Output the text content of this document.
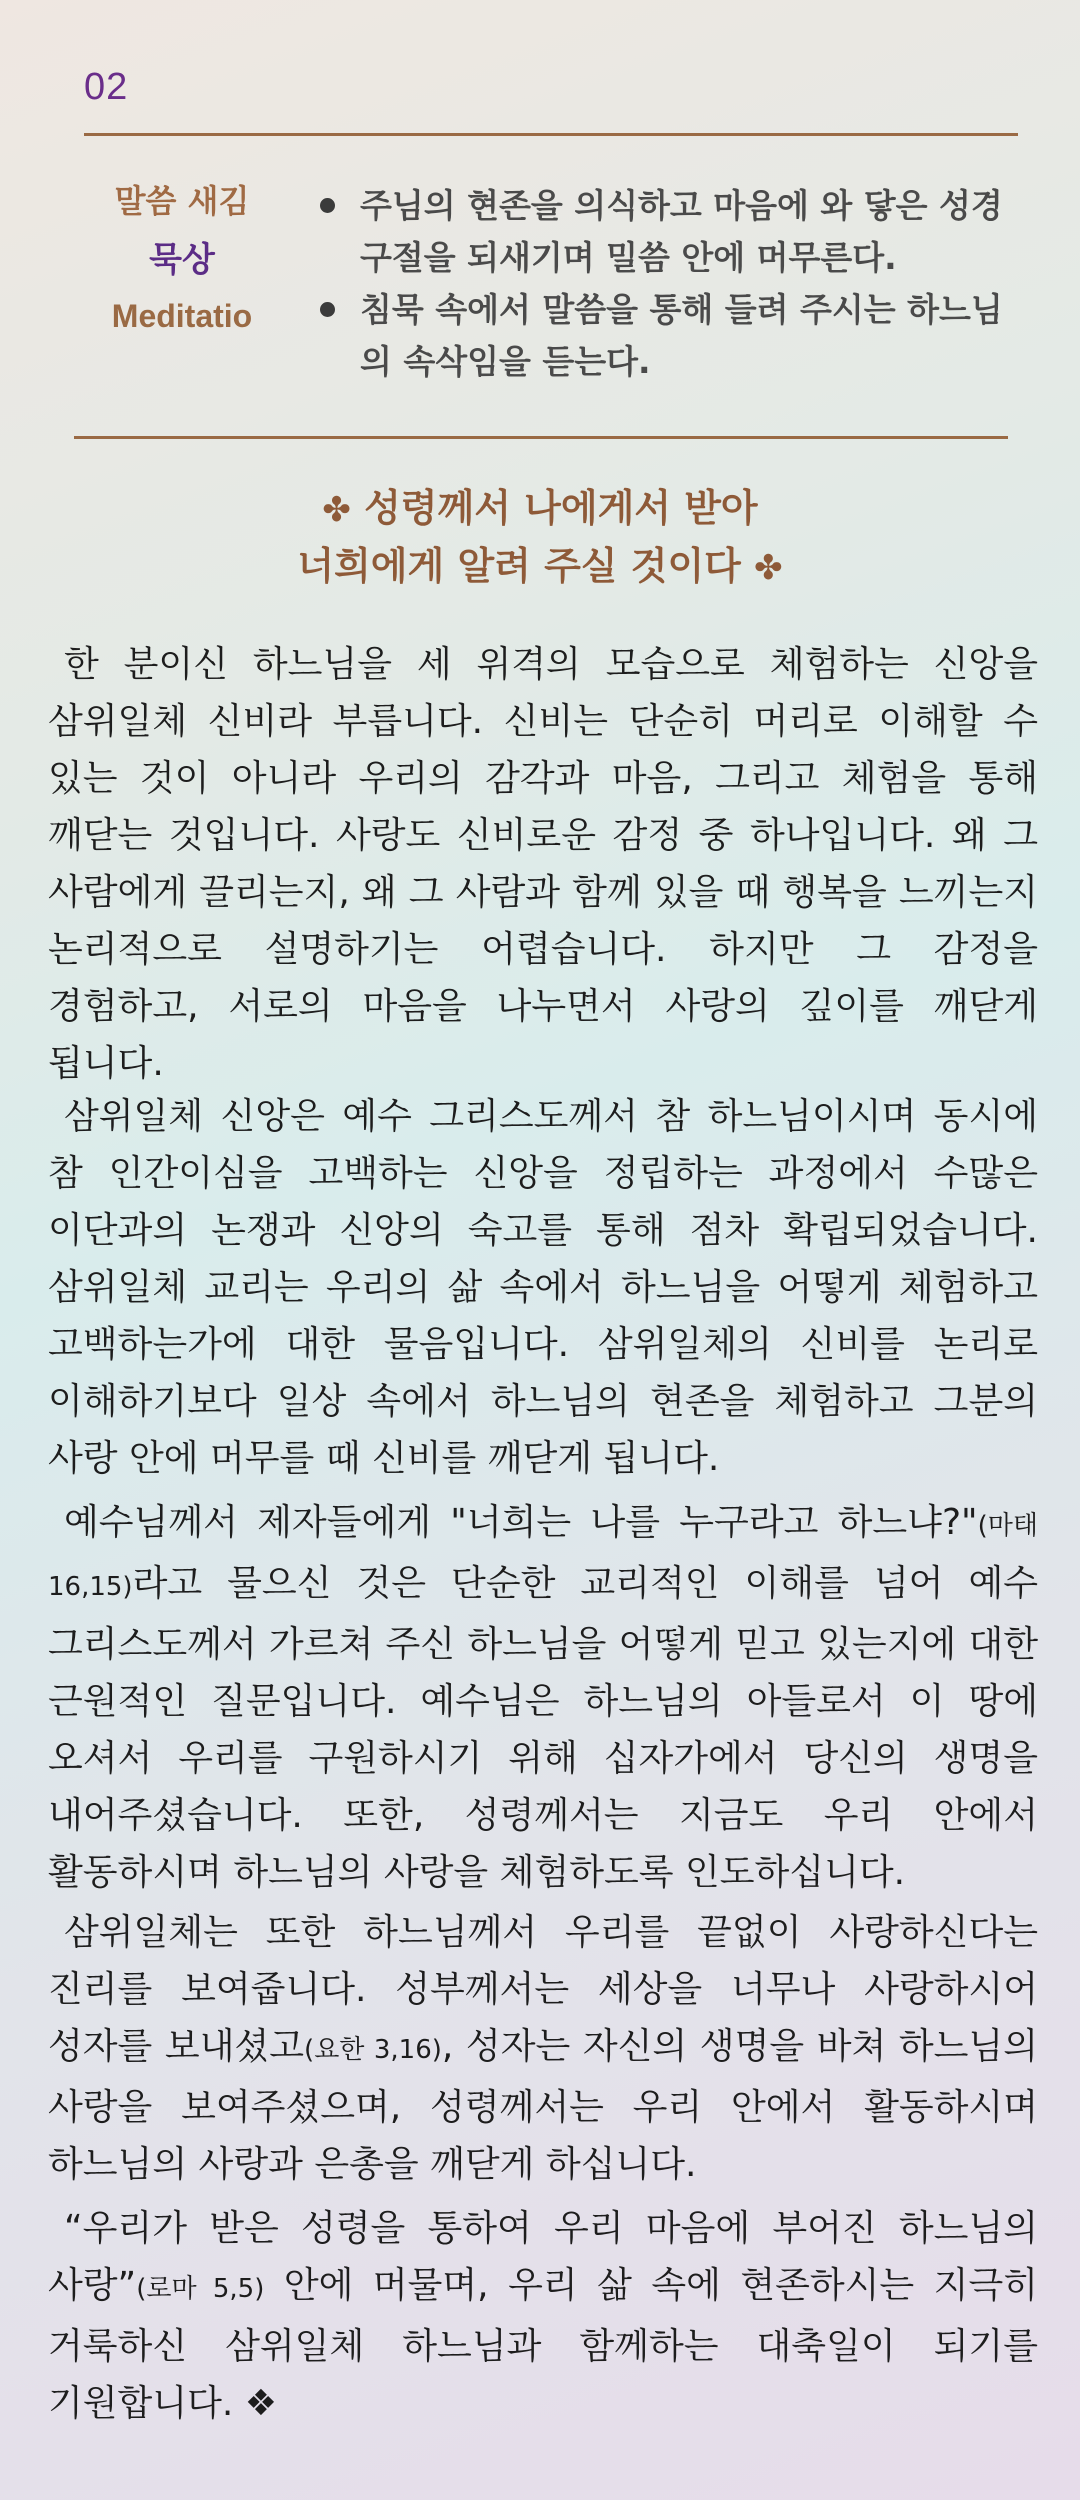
02
말씀 새김
묵상
Meditatio
주님의 현존을 의식하고 마음에 와 닿은 성경구절을 되새기며 밀씀 안에 머무른다.
침묵 속에서 말씀을 통해 들려 주시는 하느님의 속삭임을 듣는다.
✤ 성령께서 나에게서 받아
너희에게 알려 주실 것이다 ✤

한 분이신 하느님을 세 위격의 모습으로 체험하는 신앙을 삼위일체 신비라 부릅니다. 신비는 단순히 머리로 이해할 수 있는 것이 아니라 우리의 감각과 마음, 그리고 체험을 통해 깨닫는 것입니다. 사랑도 신비로운 감정 중 하나입니다. 왜 그 사람에게 끌리는지, 왜 그 사람과 함께 있을 때 행복을 느끼는지 논리적으로 설명하기는 어렵습니다. 하지만 그 감정을 경험하고, 서로의 마음을 나누면서 사랑의 깊이를 깨닫게 됩니다.

삼위일체 신앙은 예수 그리스도께서 참 하느님이시며 동시에 참 인간이심을 고백하는 신앙을 정립하는 과정에서 수많은 이단과의 논쟁과 신앙의 숙고를 통해 점차 확립되었습니다. 삼위일체 교리는 우리의 삶 속에서 하느님을 어떻게 체험하고 고백하는가에 대한 물음입니다. 삼위일체의 신비를 논리로 이해하기보다 일상 속에서 하느님의 현존을 체험하고 그분의 사랑 안에 머무를 때 신비를 깨닫게 됩니다.

예수님께서 제자들에게 "너희는 나를 누구라고 하느냐?"(마태 16,15)라고 물으신 것은 단순한 교리적인 이해를 넘어 예수 그리스도께서 가르쳐 주신 하느님을 어떻게 믿고 있는지에 대한 근원적인 질문입니다. 예수님은 하느님의 아들로서 이 땅에 오셔서 우리를 구원하시기 위해 십자가에서 당신의 생명을 내어주셨습니다. 또한, 성령께서는 지금도 우리 안에서 활동하시며 하느님의 사랑을 체험하도록 인도하십니다.

삼위일체는 또한 하느님께서 우리를 끝없이 사랑하신다는 진리를 보여줍니다. 성부께서는 세상을 너무나 사랑하시어 성자를 보내셨고(요한 3,16), 성자는 자신의 생명을 바쳐 하느님의 사랑을 보여주셨으며, 성령께서는 우리 안에서 활동하시며 하느님의 사랑과 은총을 깨닫게 하십니다.

“우리가 받은 성령을 통하여 우리 마음에 부어진 하느님의 사랑”(로마 5,5) 안에 머물며, 우리 삶 속에 현존하시는 지극히 거룩하신 삼위일체 하느님과 함께하는 대축일이 되기를 기원합니다. ❖
